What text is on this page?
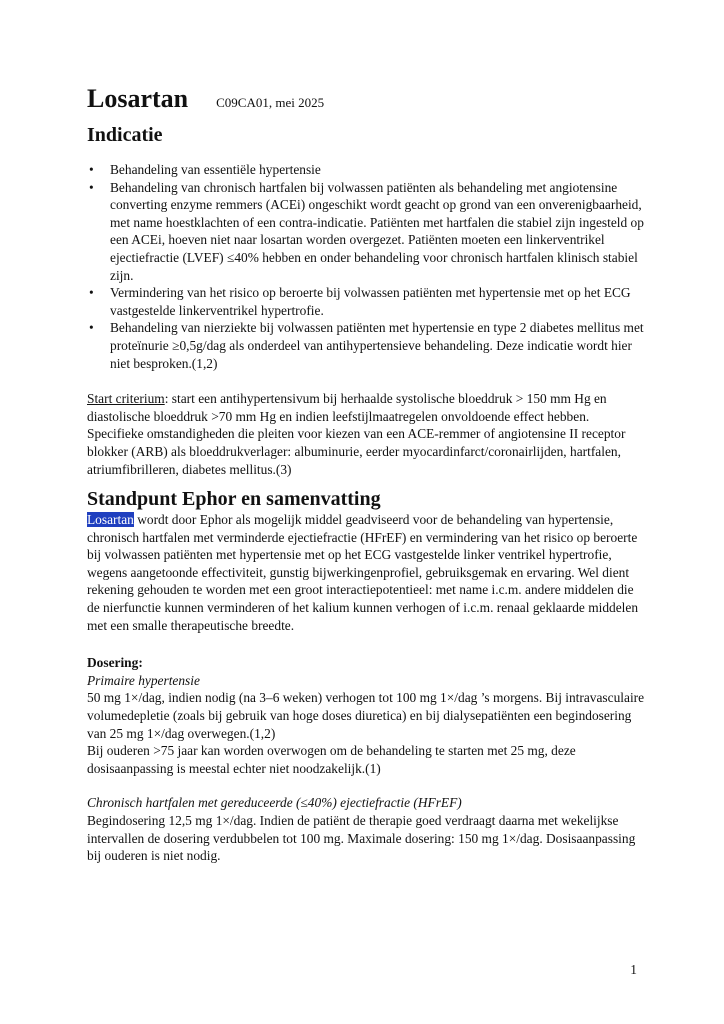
Losartan C09CA01, mei 2025
Indicatie
• Behandeling van essentiële hypertensie
• Behandeling van chronisch hartfalen bij volwassen patiënten als behandeling met angiotensine converting enzyme remmers (ACEi) ongeschikt wordt geacht op grond van een onverenigbaarheid, met name hoestklachten of een contra-indicatie. Patiënten met hartfalen die stabiel zijn ingesteld op een ACEi, hoeven niet naar losartan worden overgezet. Patiënten moeten een linkerventrikel ejectiefractie (LVEF) ≤40% hebben en onder behandeling voor chronisch hartfalen klinisch stabiel zijn.
• Vermindering van het risico op beroerte bij volwassen patiënten met hypertensie met op het ECG vastgestelde linkerventrikel hypertrofie.
• Behandeling van nierziekte bij volwassen patiënten met hypertensie en type 2 diabetes mellitus met proteïnurie ≥0,5g/dag als onderdeel van antihypertensieve behandeling. Deze indicatie wordt hier niet besproken.(1,2)

Start criterium: start een antihypertensivum bij herhaalde systolische bloeddruk > 150 mm Hg en diastolische bloeddruk >70 mm Hg en indien leefstijlmaatregelen onvoldoende effect hebben. Specifieke omstandigheden die pleiten voor kiezen van een ACE-remmer of angiotensine II receptor blokker (ARB) als bloeddrukverlager: albuminurie, eerder myocardinfarct/coronairlijden, hartfalen, atriumfibrilleren, diabetes mellitus.(3)

Standpunt Ephor en samenvatting

Losartan wordt door Ephor als mogelijk middel geadviseerd voor de behandeling van hypertensie, chronisch hartfalen met verminderde ejectiefractie (HFrEF) en vermindering van het risico op beroerte bij volwassen patiënten met hypertensie met op het ECG vastgestelde linker ventrikel hypertrofie, wegens aangetoonde effectiviteit, gunstig bijwerkingenprofiel, gebruiksgemak en ervaring. Wel dient rekening gehouden te worden met een groot interactiepotentieel: met name i.c.m. andere middelen die de nierfunctie kunnen verminderen of het kalium kunnen verhogen of i.c.m. renaal geklaarde middelen met een smalle therapeutische breedte.

Dosering:

Primaire hypertensie

50 mg 1×/dag, indien nodig (na 3–6 weken) verhogen tot 100 mg 1×/dag ’s morgens. Bij intravasculaire volumedepletie (zoals bij gebruik van hoge doses diuretica) en bij dialysepatiënten een begindosering van 25 mg 1×/dag overwegen.(1,2)

Bij ouderen >75 jaar kan worden overwogen om de behandeling te starten met 25 mg, deze dosisaanpassing is meestal echter niet noodzakelijk.(1)

Chronisch hartfalen met gereduceerde (≤40%) ejectiefractie (HFrEF)

Begindosering 12,5 mg 1×/dag. Indien de patiënt de therapie goed verdraagt daarna met wekelijkse intervallen de dosering verdubbelen tot 100 mg. Maximale dosering: 150 mg 1×/dag. Dosisaanpassing bij ouderen is niet nodig.

1
